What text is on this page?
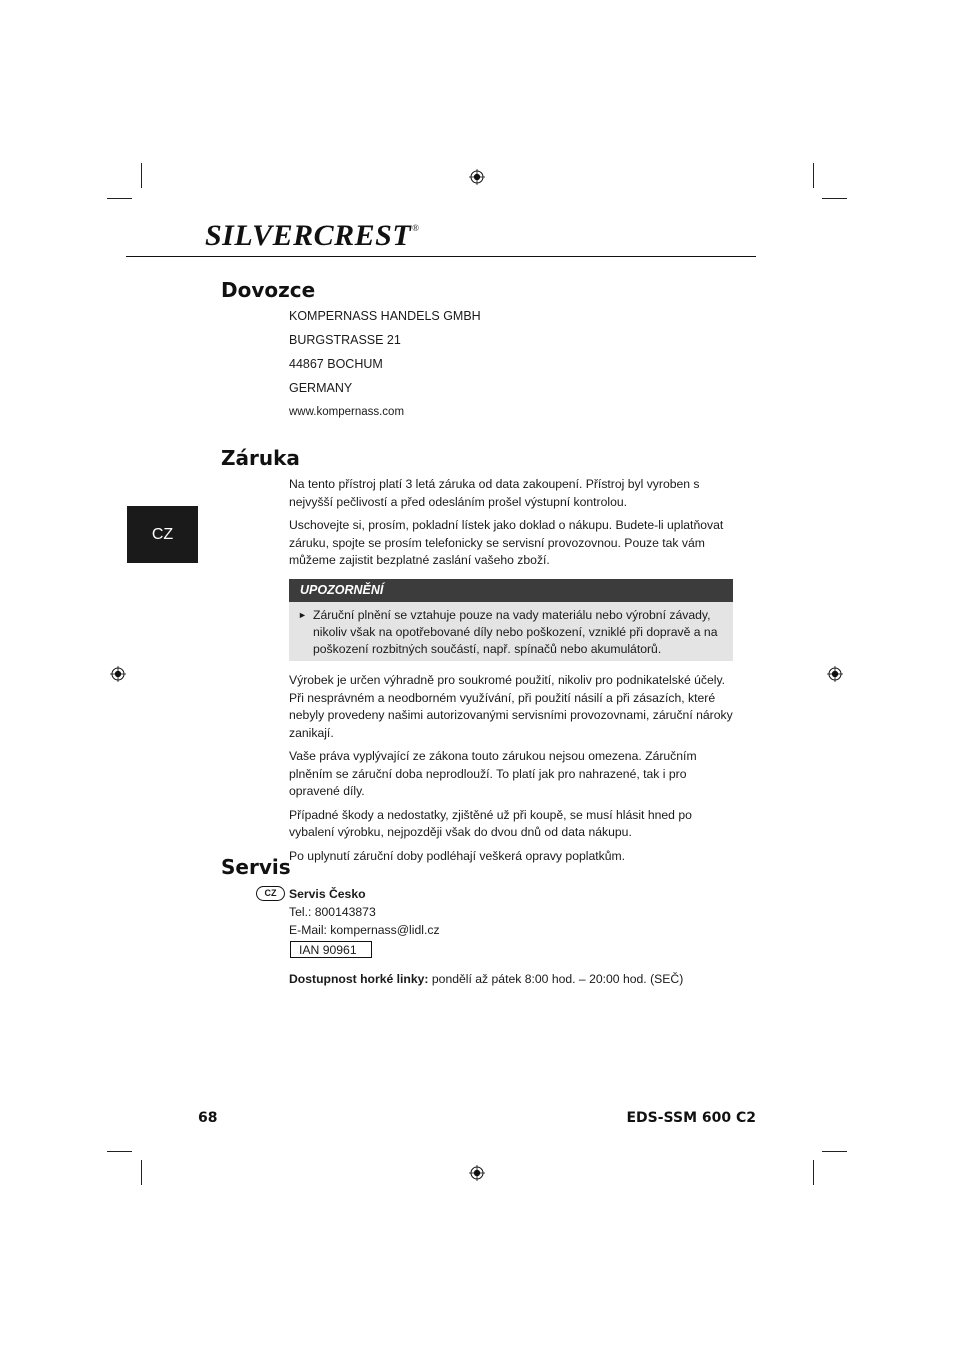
SILVERCREST®
Dovozce
KOMPERNASS HANDELS GMBH
BURGSTRASSE 21
44867 BOCHUM
GERMANY
www.kompernass.com
Záruka
CZ

Na tento přístroj platí 3 letá záruka od data zakoupení. Přístroj byl vyroben s nejvyšší pečlivostí a před odesláním prošel výstupní kontrolou.

Uschovejte si, prosím, pokladní lístek jako doklad o nákupu. Budete-li uplatňovat záruku, spojte se prosím telefonicky se servisní provozovnou. Pouze tak vám můžeme zajistit bezplatné zaslání vašeho zboží.

UPOZORNĚNÍ
► Záruční plnění se vztahuje pouze na vady materiálu nebo výrobní závady, nikoliv však na opotřebované díly nebo poškození, vzniklé při dopravě a na poškození rozbitných součástí, např. spínačů nebo akumulátorů.

Výrobek je určen výhradně pro soukromé použití, nikoliv pro podnikatelské účely. Při nesprávném a neodborném využívání, při použití násilí a při zásazích, které nebyly provedeny našimi autorizovanými servisními provozovnami, záruční nároky zanikají.

Vaše práva vyplývající ze zákona touto zárukou nejsou omezena. Záručním plněním se záruční doba neprodlouží. To platí jak pro nahrazené, tak i pro opravené díly.

Případné škody a nedostatky, zjištěné už při koupě, se musí hlásit hned po vybalení výrobku, nejpozději však do dvou dnů od data nákupu.

Po uplynutí záruční doby podléhají veškerá opravy poplatkům.

Servis
CZ	Servis Česko
Tel.: 800143873
E-Mail: kompernass@lidl.cz
IAN 90961
Dostupnost horké linky: pondělí až pátek 8:00 hod. – 20:00 hod. (SEČ)
68	EDS-SSM 600 C2
